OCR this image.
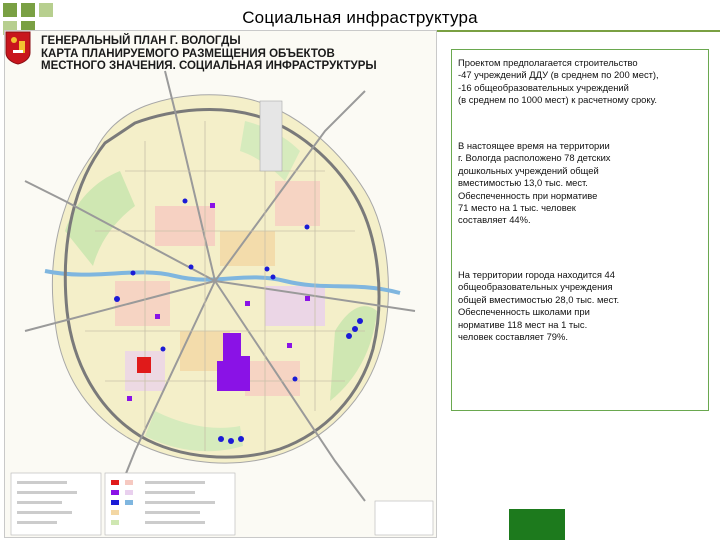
Социальная инфраструктура
ГЕНЕРАЛЬНЫЙ ПЛАН Г. ВОЛОГДЫ
КАРТА ПЛАНИРУЕМОГО РАЗМЕЩЕНИЯ ОБЪЕКТОВ
МЕСТНОГО ЗНАЧЕНИЯ. СОЦИАЛЬНАЯ ИНФРАСТРУКТУРЫ	Проектом предполагается строительство
-47 учреждений ДДУ (в среднем по 200 мест),
-16 общеобразовательных учреждений
(в среднем по 1000 мест) к расчетному сроку.
В настоящее время на территории
г. Вологда расположено 78 детских
дошкольных учреждений общей
вместимостью 13,0 тыс. мест.
Обеспеченность при нормативе
71 место на 1 тыс. человек
составляет 44%.
На территории города находится 44
общеобразовательных учреждения
общей вместимостью 28,0 тыс. мест.
Обеспеченность школами при
нормативе 118 мест на 1 тыс.
человек составляет 79%.
